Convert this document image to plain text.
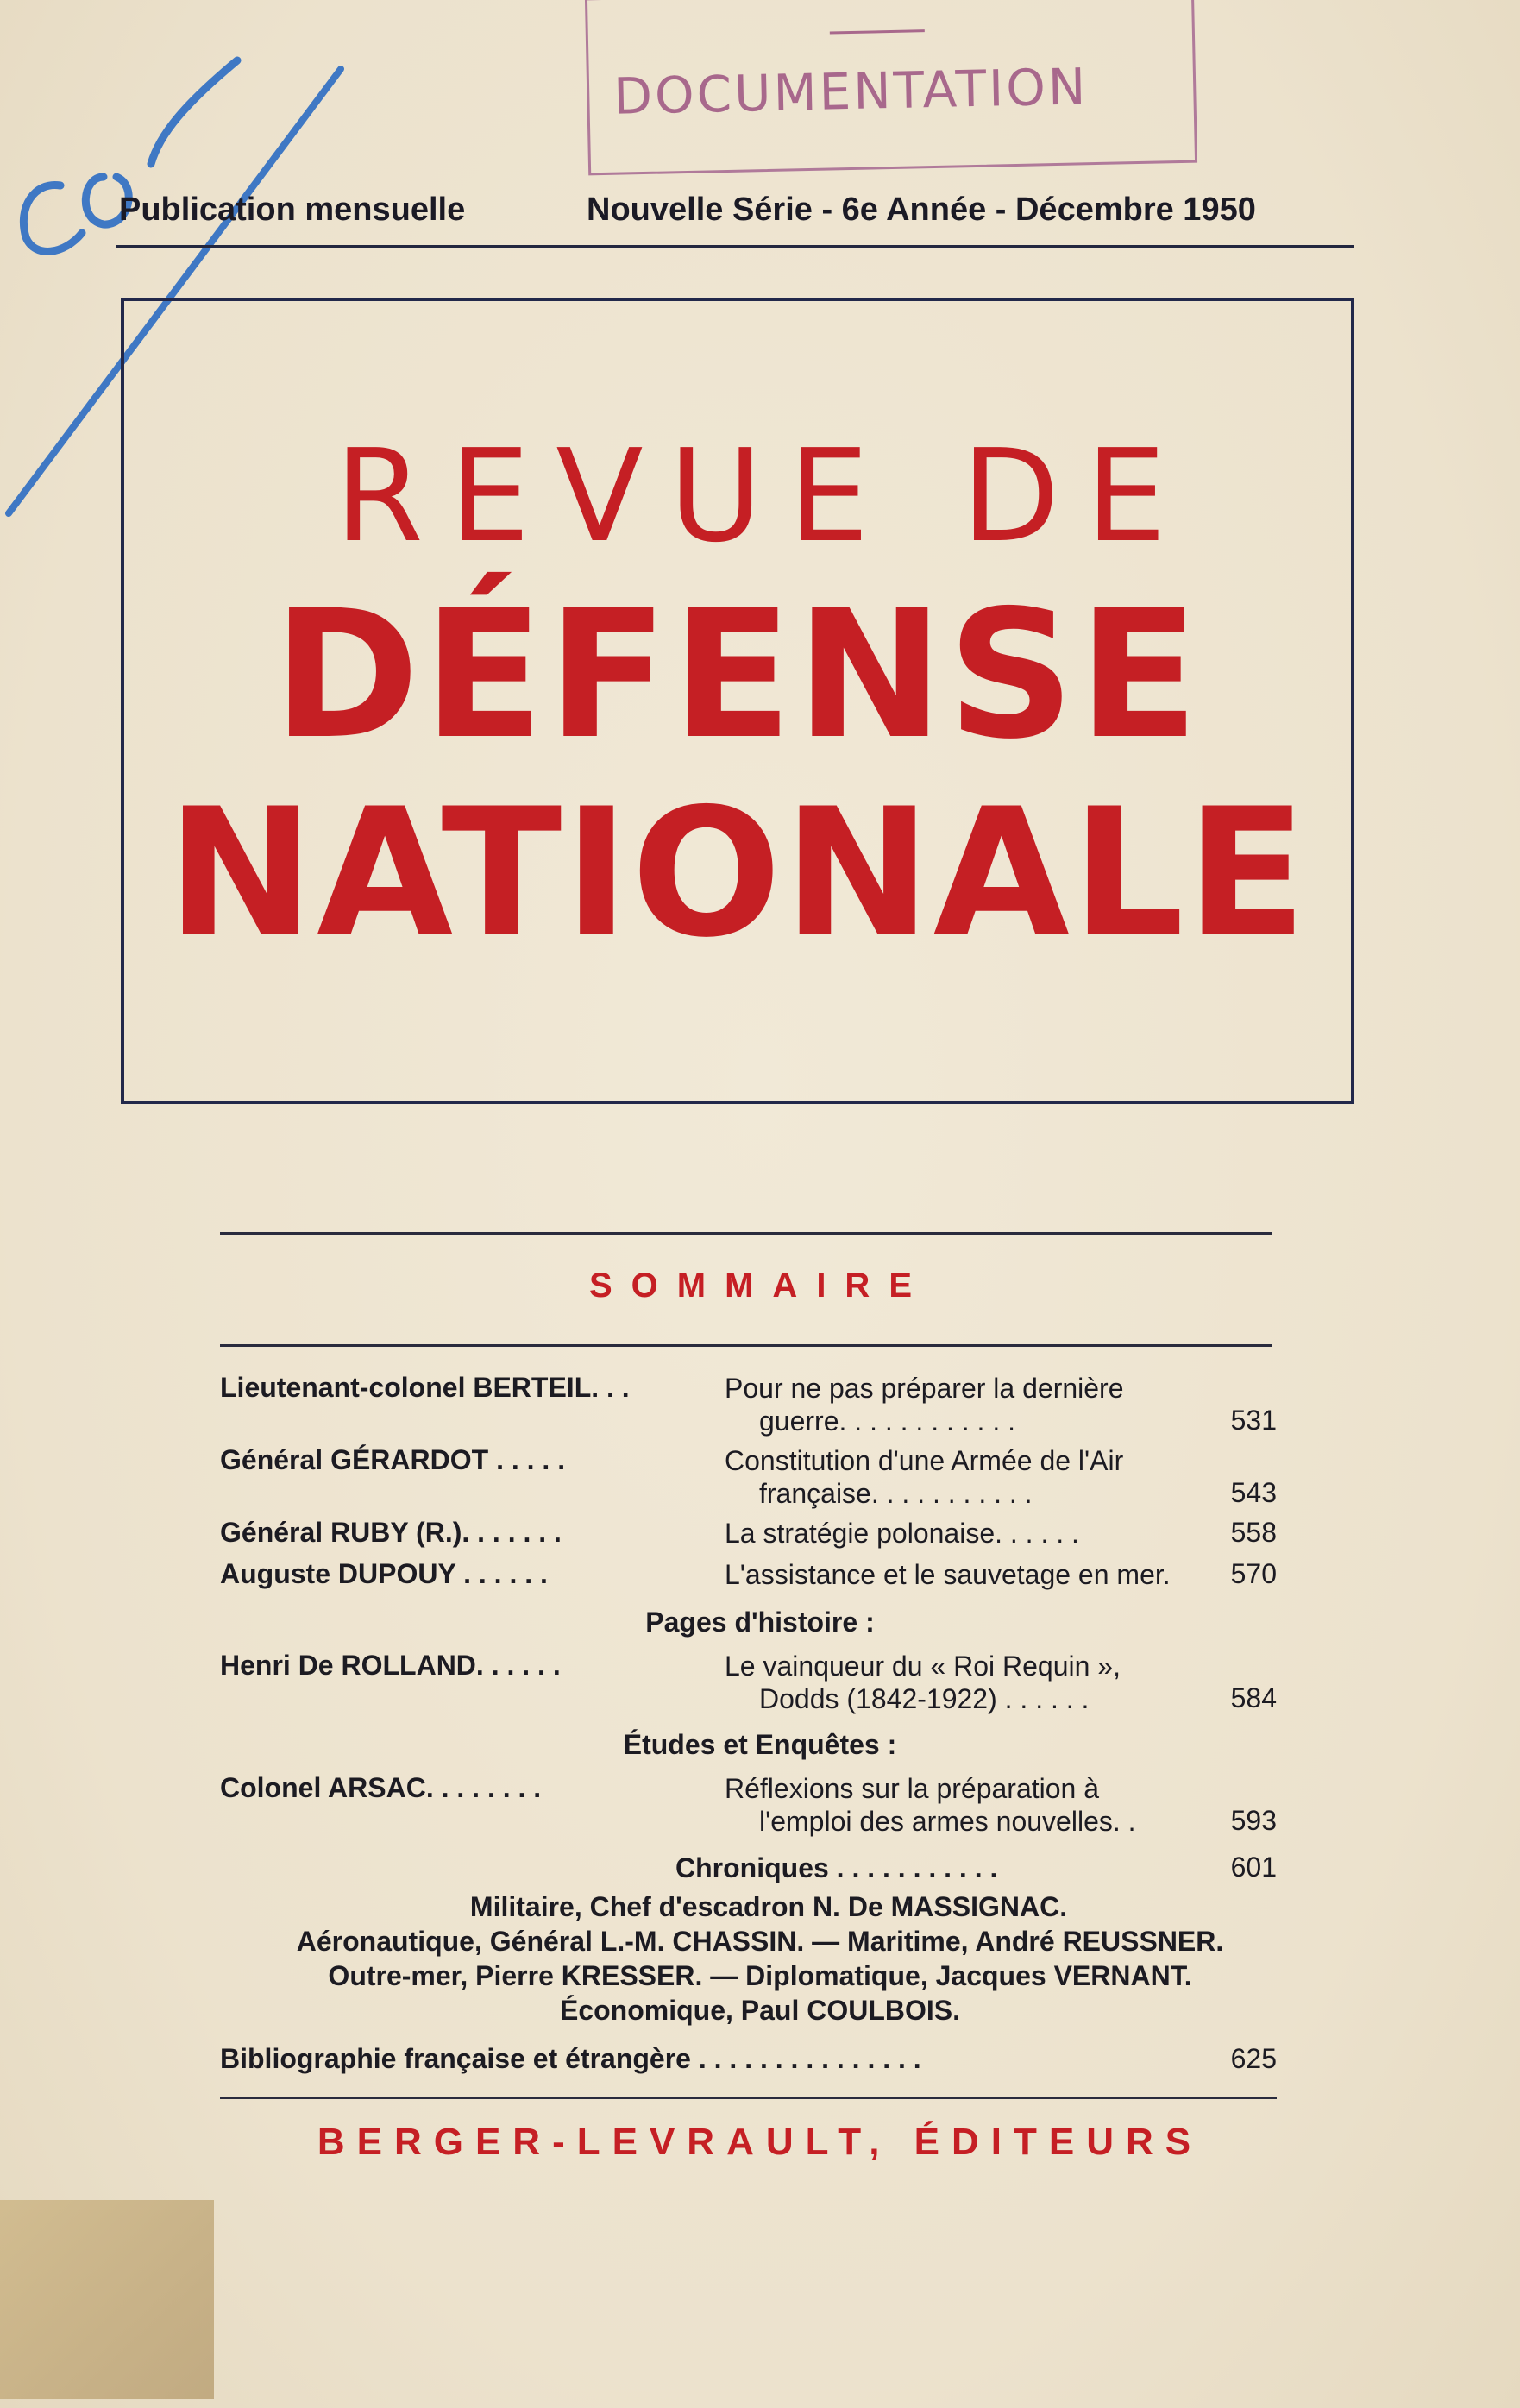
DOCUMENTATION
Publication mensuelle	Nouvelle Série - 6e Année - Décembre 1950
REVUE DE
DÉFENSE
NATIONALE
SOMMAIRE
Lieutenant-colonel BERTEIL. . .	Pour ne pas préparer la dernière
guerre. . . . . . . . . . . .	531
Général GÉRARDOT . . . . .	Constitution d'une Armée de l'Air
française. . . . . . . . . . .	543
Général RUBY (R.). . . . . . .	La stratégie polonaise. . . . . .	558
Auguste DUPOUY . . . . . .	L'assistance et le sauvetage en mer.	570
Pages d'histoire :
Henri De ROLLAND. . . . . .	Le vainqueur du « Roi Requin »,
Dodds (1842-1922) . . . . . .	584
Études et Enquêtes :
Colonel ARSAC. . . . . . . .	Réflexions sur la préparation à
l'emploi des armes nouvelles. .	593
Chroniques . . . . . . . . . . .	601
Militaire, Chef d'escadron N. De MASSIGNAC.
Aéronautique, Général L.-M. CHASSIN. — Maritime, André REUSSNER.
Outre-mer, Pierre KRESSER. — Diplomatique, Jacques VERNANT.
Économique, Paul COULBOIS.
Bibliographie française et étrangère . . . . . . . . . . . . . . .	625
BERGER-LEVRAULT, ÉDITEURS
